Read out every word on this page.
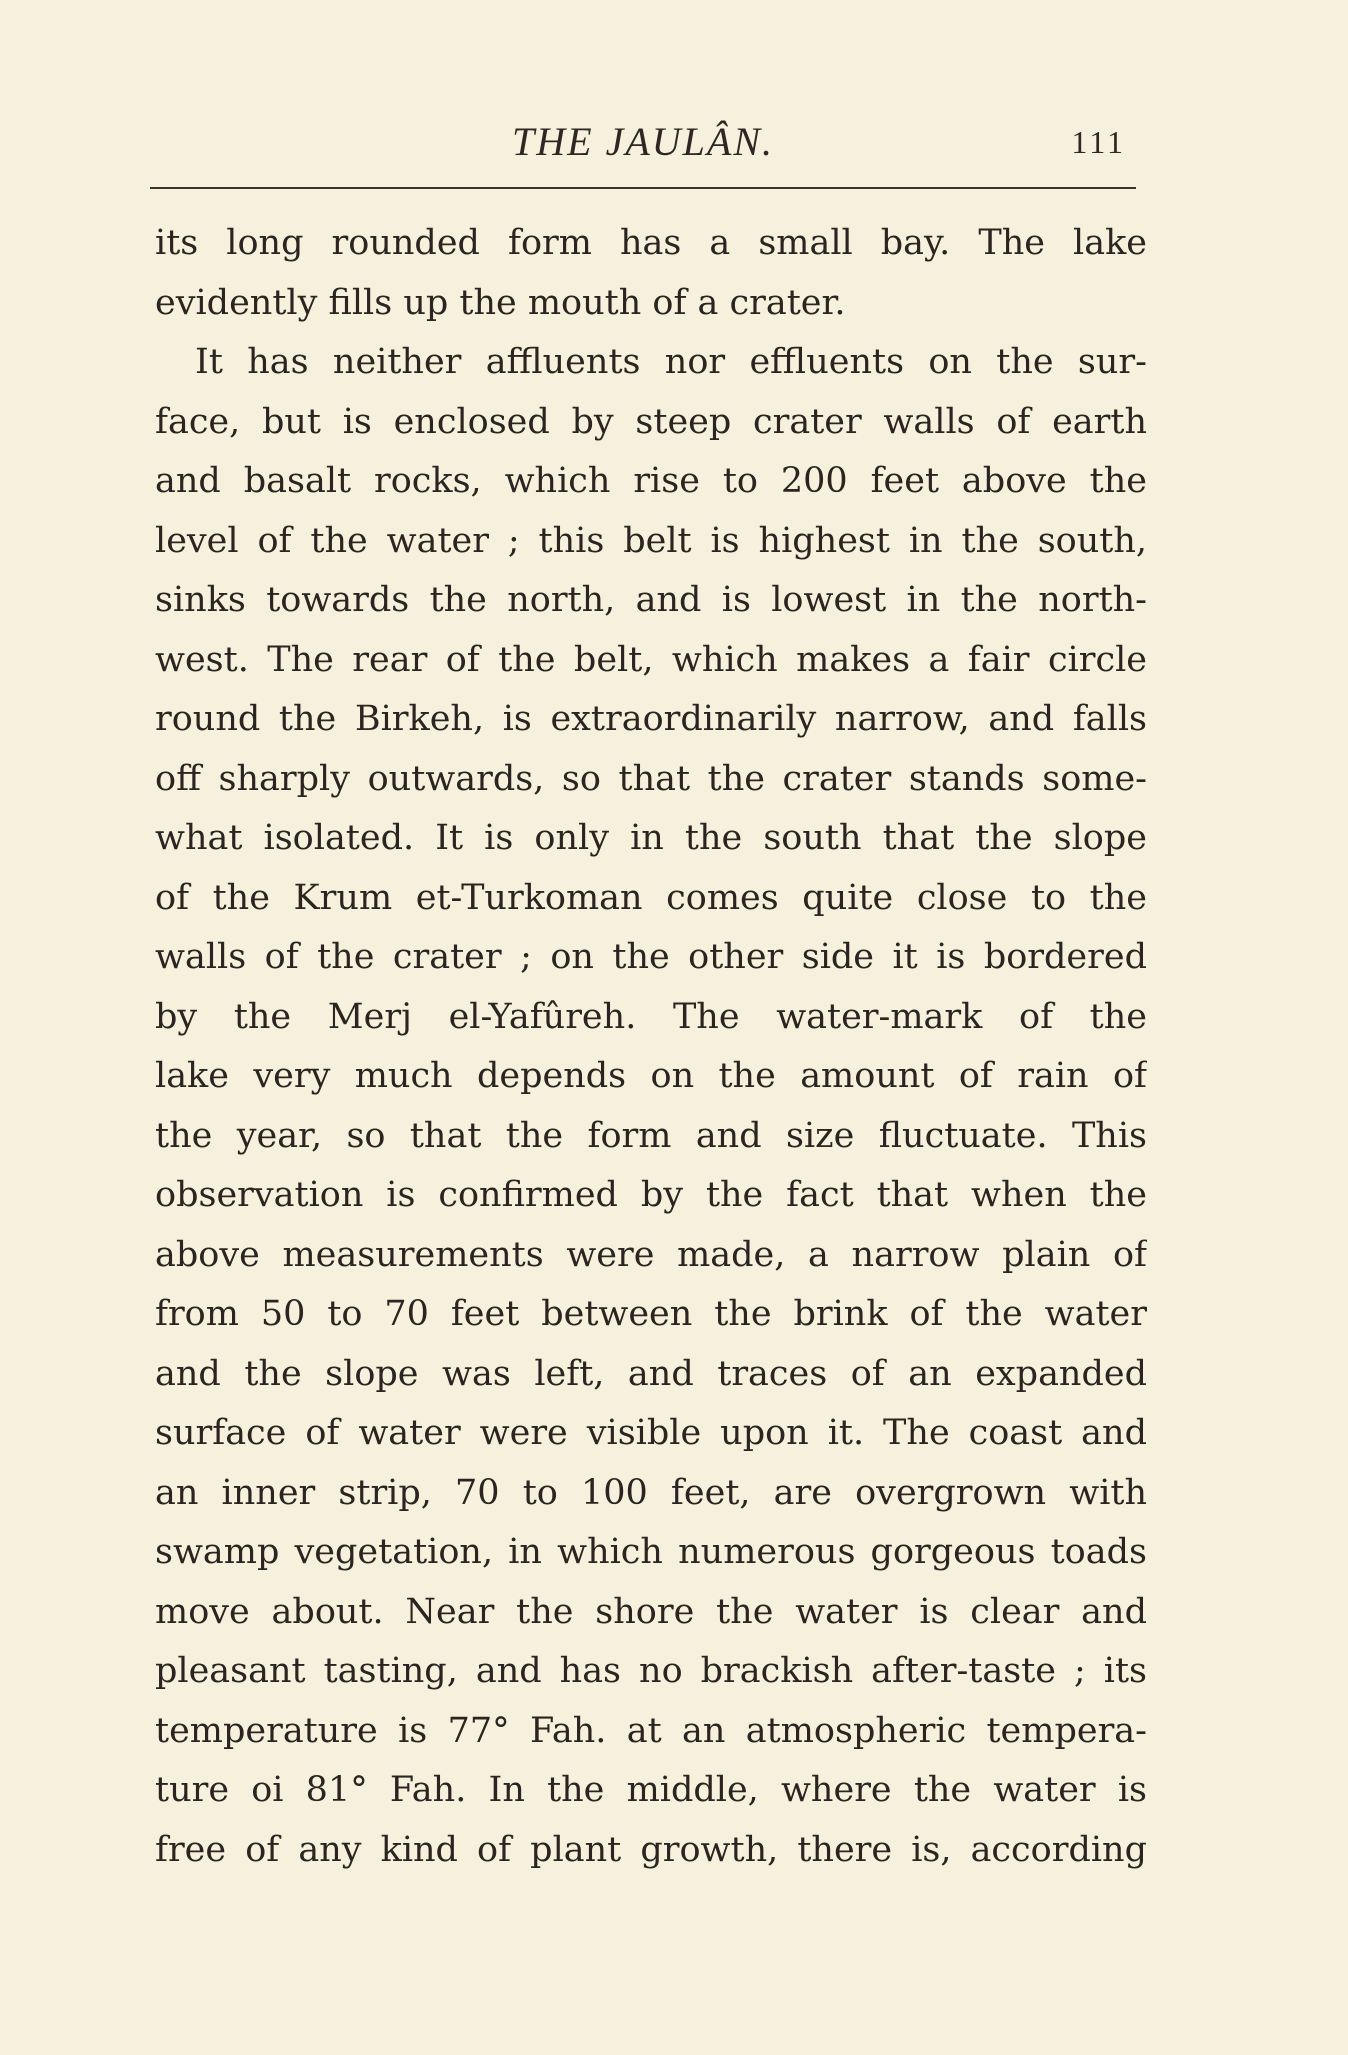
THE JAULÂN.	111
its long rounded form has a small bay. The lake
evidently fills up the mouth of a crater.
It has neither affluents nor effluents on the sur-
face, but is enclosed by steep crater walls of earth
and basalt rocks, which rise to 200 feet above the
level of the water ; this belt is highest in the south,
sinks towards the north, and is lowest in the north-
west. The rear of the belt, which makes a fair circle
round the Birkeh, is extraordinarily narrow, and falls
off sharply outwards, so that the crater stands some-
what isolated. It is only in the south that the slope
of the Krum et-Turkoman comes quite close to the
walls of the crater ; on the other side it is bordered
by the Merj el-Yafûreh. The water-mark of the
lake very much depends on the amount of rain of
the year, so that the form and size fluctuate. This
observation is confirmed by the fact that when the
above measurements were made, a narrow plain of
from 50 to 70 feet between the brink of the water
and the slope was left, and traces of an expanded
surface of water were visible upon it. The coast and
an inner strip, 70 to 100 feet, are overgrown with
swamp vegetation, in which numerous gorgeous toads
move about. Near the shore the water is clear and
pleasant tasting, and has no brackish after-taste ; its
temperature is 77° Fah. at an atmospheric tempera-
ture oi 81° Fah. In the middle, where the water is
free of any kind of plant growth, there is, according
